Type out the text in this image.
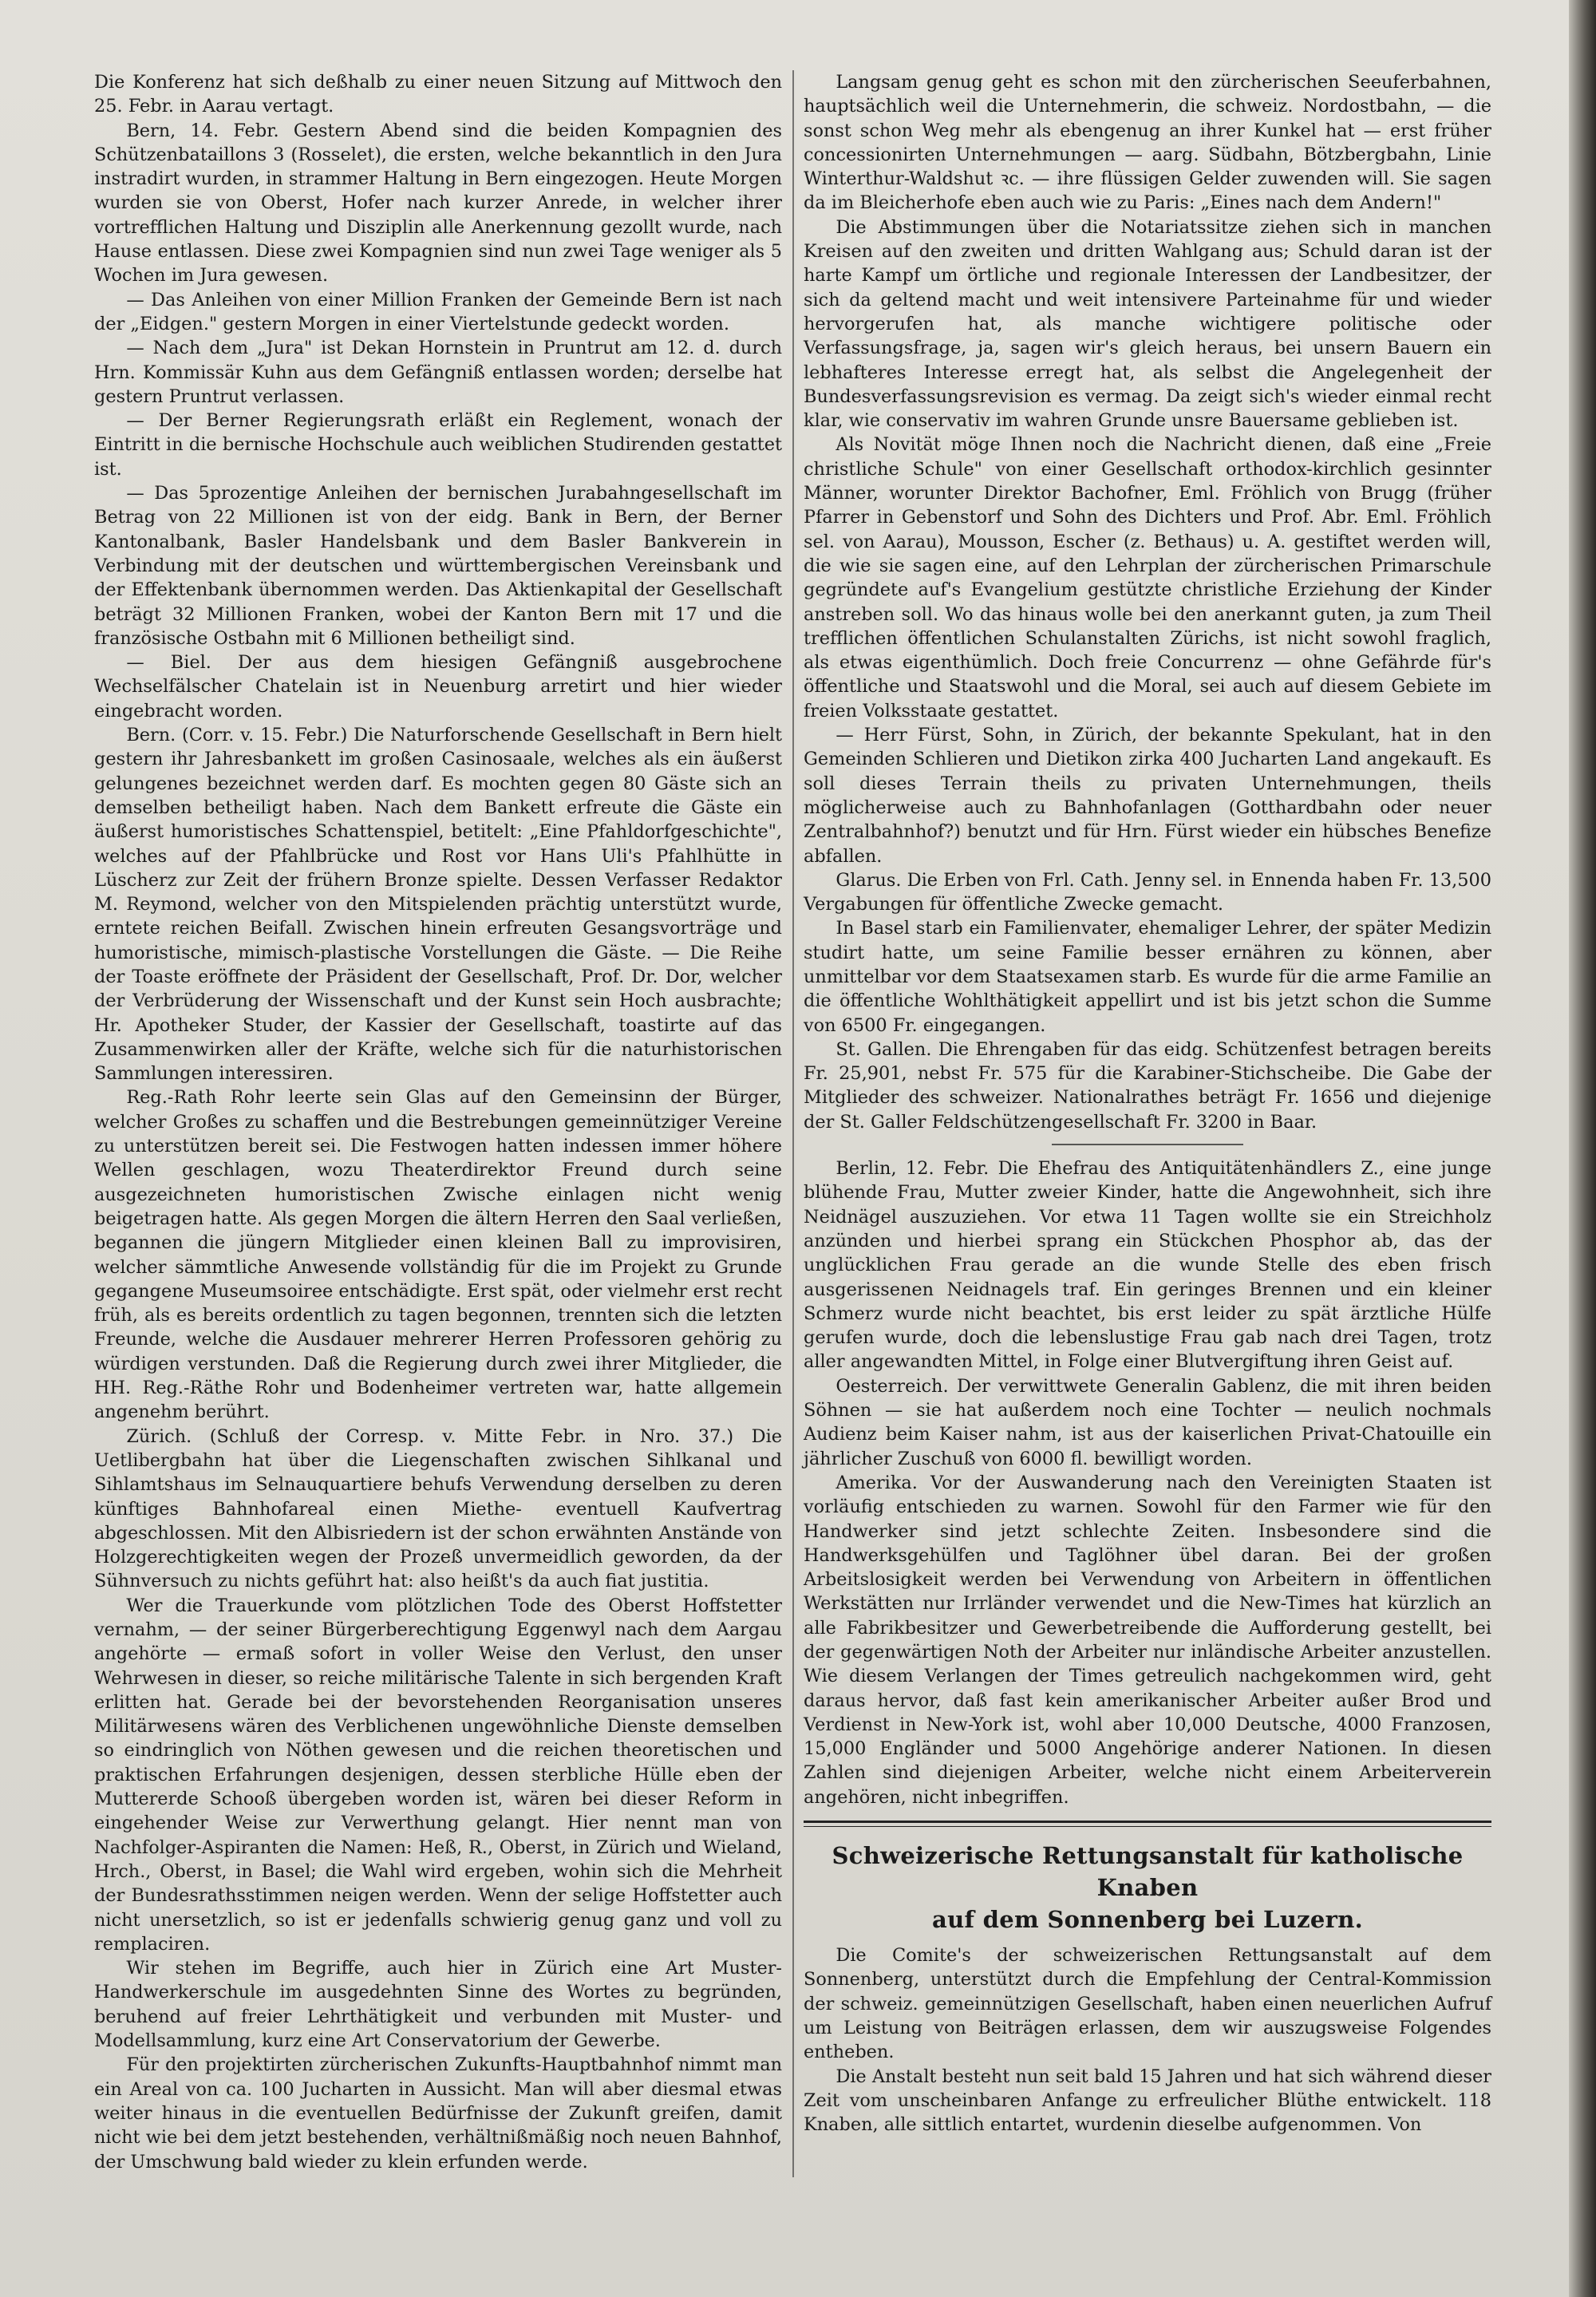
Die Konferenz hat sich deßhalb zu einer neuen Sitzung auf Mittwoch den 25. Febr. in Aarau vertagt.

Bern, 14. Febr. Gestern Abend sind die beiden Kompagnien des Schützenbataillons 3 (Rosselet), die ersten, welche bekanntlich in den Jura instradirt wurden, in strammer Haltung in Bern eingezogen. Heute Morgen wurden sie von Oberst, Hofer nach kurzer Anrede, in welcher ihrer vortrefflichen Haltung und Disziplin alle Anerkennung gezollt wurde, nach Hause entlassen. Diese zwei Kompagnien sind nun zwei Tage weniger als 5 Wochen im Jura gewesen.

— Das Anleihen von einer Million Franken der Gemeinde Bern ist nach der „Eidgen." gestern Morgen in einer Viertelstunde gedeckt worden.

— Nach dem „Jura" ist Dekan Hornstein in Pruntrut am 12. d. durch Hrn. Kommissär Kuhn aus dem Gefängniß entlassen worden; derselbe hat gestern Pruntrut verlassen.

— Der Berner Regierungsrath erläßt ein Reglement, wonach der Eintritt in die bernische Hochschule auch weiblichen Studirenden gestattet ist.

— Das 5prozentige Anleihen der bernischen Jurabahngesellschaft im Betrag von 22 Millionen ist von der eidg. Bank in Bern, der Berner Kantonalbank, Basler Handelsbank und dem Basler Bankverein in Verbindung mit der deutschen und württembergischen Vereinsbank und der Effektenbank übernommen werden. Das Aktienkapital der Gesellschaft beträgt 32 Millionen Franken, wobei der Kanton Bern mit 17 und die französische Ostbahn mit 6 Millionen betheiligt sind.

— Biel. Der aus dem hiesigen Gefängniß ausgebrochene Wechselfälscher Chatelain ist in Neuenburg arretirt und hier wieder eingebracht worden.

Bern. (Corr. v. 15. Febr.) Die Naturforschende Gesellschaft in Bern hielt gestern ihr Jahresbankett im großen Casinosaale, welches als ein äußerst gelungenes bezeichnet werden darf. Es mochten gegen 80 Gäste sich an demselben betheiligt haben. Nach dem Bankett erfreute die Gäste ein äußerst humoristisches Schattenspiel, betitelt: „Eine Pfahldorfgeschichte", welches auf der Pfahlbrücke und Rost vor Hans Uli's Pfahlhütte in Lüscherz zur Zeit der frühern Bronze spielte. Dessen Verfasser Redaktor M. Reymond, welcher von den Mitspielenden prächtig unterstützt wurde, erntete reichen Beifall. Zwischen hinein erfreuten Gesangsvorträge und humoristische, mimisch-plastische Vorstellungen die Gäste. — Die Reihe der Toaste eröffnete der Präsident der Gesellschaft, Prof. Dr. Dor, welcher der Verbrüderung der Wissenschaft und der Kunst sein Hoch ausbrachte; Hr. Apotheker Studer, der Kassier der Gesellschaft, toastirte auf das Zusammenwirken aller der Kräfte, welche sich für die naturhistorischen Sammlungen interessiren.

Reg.-Rath Rohr leerte sein Glas auf den Gemeinsinn der Bürger, welcher Großes zu schaffen und die Bestrebungen gemeinnütziger Vereine zu unterstützen bereit sei. Die Festwogen hatten indessen immer höhere Wellen geschlagen, wozu Theaterdirektor Freund durch seine ausgezeichneten humoristischen Zwische einlagen nicht wenig beigetragen hatte. Als gegen Morgen die ältern Herren den Saal verließen, begannen die jüngern Mitglieder einen kleinen Ball zu improvisiren, welcher sämmtliche Anwesende vollständig für die im Projekt zu Grunde gegangene Museumsoiree entschädigte. Erst spät, oder vielmehr erst recht früh, als es bereits ordentlich zu tagen begonnen, trennten sich die letzten Freunde, welche die Ausdauer mehrerer Herren Professoren gehörig zu würdigen verstunden. Daß die Regierung durch zwei ihrer Mitglieder, die HH. Reg.-Räthe Rohr und Bodenheimer vertreten war, hatte allgemein angenehm berührt.

Zürich. (Schluß der Corresp. v. Mitte Febr. in Nro. 37.) Die Uetlibergbahn hat über die Liegenschaften zwischen Sihlkanal und Sihlamtshaus im Selnauquartiere behufs Verwendung derselben zu deren künftiges Bahnhofareal einen Miethe- eventuell Kaufvertrag abgeschlossen. Mit den Albisriedern ist der schon erwähnten Anstände von Holzgerechtigkeiten wegen der Prozeß unvermeidlich geworden, da der Sühnversuch zu nichts geführt hat: also heißt's da auch fiat justitia.

Wer die Trauerkunde vom plötzlichen Tode des Oberst Hoffstetter vernahm, — der seiner Bürgerberechtigung Eggenwyl nach dem Aargau angehörte — ermaß sofort in voller Weise den Verlust, den unser Wehrwesen in dieser, so reiche militärische Talente in sich bergenden Kraft erlitten hat. Gerade bei der bevorstehenden Reorganisation unseres Militärwesens wären des Verblichenen ungewöhnliche Dienste demselben so eindringlich von Nöthen gewesen und die reichen theoretischen und praktischen Erfahrungen desjenigen, dessen sterbliche Hülle eben der Muttererde Schooß übergeben worden ist, wären bei dieser Reform in eingehender Weise zur Verwerthung gelangt. Hier nennt man von Nachfolger-Aspiranten die Namen: Heß, R., Oberst, in Zürich und Wieland, Hrch., Oberst, in Basel; die Wahl wird ergeben, wohin sich die Mehrheit der Bundesrathsstimmen neigen werden. Wenn der selige Hoffstetter auch nicht unersetzlich, so ist er jedenfalls schwierig genug ganz und voll zu remplaciren.

Wir stehen im Begriffe, auch hier in Zürich eine Art Muster-Handwerkerschule im ausgedehnten Sinne des Wortes zu begründen, beruhend auf freier Lehrthätigkeit und verbunden mit Muster- und Modellsammlung, kurz eine Art Conservatorium der Gewerbe.

Für den projektirten zürcherischen Zukunfts-Hauptbahnhof nimmt man ein Areal von ca. 100 Jucharten in Aussicht. Man will aber diesmal etwas weiter hinaus in die eventuellen Bedürfnisse der Zukunft greifen, damit nicht wie bei dem jetzt bestehenden, verhältnißmäßig noch neuen Bahnhof, der Umschwung bald wieder zu klein erfunden werde.

Langsam genug geht es schon mit den zürcherischen Seeuferbahnen, hauptsächlich weil die Unternehmerin, die schweiz. Nordostbahn, — die sonst schon Weg mehr als ebengenug an ihrer Kunkel hat — erst früher concessionirten Unternehmungen — aarg. Südbahn, Bötzbergbahn, Linie Winterthur-Waldshut ꝛc. — ihre flüssigen Gelder zuwenden will. Sie sagen da im Bleicherhofe eben auch wie zu Paris: „Eines nach dem Andern!"

Die Abstimmungen über die Notariatssitze ziehen sich in manchen Kreisen auf den zweiten und dritten Wahlgang aus; Schuld daran ist der harte Kampf um örtliche und regionale Interessen der Landbesitzer, der sich da geltend macht und weit intensivere Parteinahme für und wieder hervorgerufen hat, als manche wichtigere politische oder Verfassungsfrage, ja, sagen wir's gleich heraus, bei unsern Bauern ein lebhafteres Interesse erregt hat, als selbst die Angelegenheit der Bundesverfassungsrevision es vermag. Da zeigt sich's wieder einmal recht klar, wie conservativ im wahren Grunde unsre Bauersame geblieben ist.

Als Novität möge Ihnen noch die Nachricht dienen, daß eine „Freie christliche Schule" von einer Gesellschaft orthodox-kirchlich gesinnter Männer, worunter Direktor Bachofner, Eml. Fröhlich von Brugg (früher Pfarrer in Gebenstorf und Sohn des Dichters und Prof. Abr. Eml. Fröhlich sel. von Aarau), Mousson, Escher (z. Bethaus) u. A. gestiftet werden will, die wie sie sagen eine, auf den Lehrplan der zürcherischen Primarschule gegründete auf's Evangelium gestützte christliche Erziehung der Kinder anstreben soll. Wo das hinaus wolle bei den anerkannt guten, ja zum Theil trefflichen öffentlichen Schulanstalten Zürichs, ist nicht sowohl fraglich, als etwas eigenthümlich. Doch freie Concurrenz — ohne Gefährde für's öffentliche und Staatswohl und die Moral, sei auch auf diesem Gebiete im freien Volksstaate gestattet.

— Herr Fürst, Sohn, in Zürich, der bekannte Spekulant, hat in den Gemeinden Schlieren und Dietikon zirka 400 Jucharten Land angekauft. Es soll dieses Terrain theils zu privaten Unternehmungen, theils möglicherweise auch zu Bahnhofanlagen (Gotthardbahn oder neuer Zentralbahnhof?) benutzt und für Hrn. Fürst wieder ein hübsches Benefize abfallen.

Glarus. Die Erben von Frl. Cath. Jenny sel. in Ennenda haben Fr. 13,500 Vergabungen für öffentliche Zwecke gemacht.

In Basel starb ein Familienvater, ehemaliger Lehrer, der später Medizin studirt hatte, um seine Familie besser ernähren zu können, aber unmittelbar vor dem Staatsexamen starb. Es wurde für die arme Familie an die öffentliche Wohlthätigkeit appellirt und ist bis jetzt schon die Summe von 6500 Fr. eingegangen.

St. Gallen. Die Ehrengaben für das eidg. Schützenfest betragen bereits Fr. 25,901, nebst Fr. 575 für die Karabiner-Stichscheibe. Die Gabe der Mitglieder des schweizer. Nationalrathes beträgt Fr. 1656 und diejenige der St. Galler Feldschützengesellschaft Fr. 3200 in Baar.

Berlin, 12. Febr. Die Ehefrau des Antiquitätenhändlers Z., eine junge blühende Frau, Mutter zweier Kinder, hatte die Angewohnheit, sich ihre Neidnägel auszuziehen. Vor etwa 11 Tagen wollte sie ein Streichholz anzünden und hierbei sprang ein Stückchen Phosphor ab, das der unglücklichen Frau gerade an die wunde Stelle des eben frisch ausgerissenen Neidnagels traf. Ein geringes Brennen und ein kleiner Schmerz wurde nicht beachtet, bis erst leider zu spät ärztliche Hülfe gerufen wurde, doch die lebenslustige Frau gab nach drei Tagen, trotz aller angewandten Mittel, in Folge einer Blutvergiftung ihren Geist auf.

Oesterreich. Der verwittwete Generalin Gablenz, die mit ihren beiden Söhnen — sie hat außerdem noch eine Tochter — neulich nochmals Audienz beim Kaiser nahm, ist aus der kaiserlichen Privat-Chatouille ein jährlicher Zuschuß von 6000 fl. bewilligt worden.

Amerika. Vor der Auswanderung nach den Vereinigten Staaten ist vorläufig entschieden zu warnen. Sowohl für den Farmer wie für den Handwerker sind jetzt schlechte Zeiten. Insbesondere sind die Handwerksgehülfen und Taglöhner übel daran. Bei der großen Arbeitslosigkeit werden bei Verwendung von Arbeitern in öffentlichen Werkstätten nur Irrländer verwendet und die New-Times hat kürzlich an alle Fabrikbesitzer und Gewerbetreibende die Aufforderung gestellt, bei der gegenwärtigen Noth der Arbeiter nur inländische Arbeiter anzustellen. Wie diesem Verlangen der Times getreulich nachgekommen wird, geht daraus hervor, daß fast kein amerikanischer Arbeiter außer Brod und Verdienst in New-York ist, wohl aber 10,000 Deutsche, 4000 Franzosen, 15,000 Engländer und 5000 Angehörige anderer Nationen. In diesen Zahlen sind diejenigen Arbeiter, welche nicht einem Arbeiterverein angehören, nicht inbegriffen.

Schweizerische Rettungsanstalt für katholische Knaben
auf dem Sonnenberg bei Luzern.

Die Comite's der schweizerischen Rettungsanstalt auf dem Sonnenberg, unterstützt durch die Empfehlung der Central-Kommission der schweiz. gemeinnützigen Gesellschaft, haben einen neuerlichen Aufruf um Leistung von Beiträgen erlassen, dem wir auszugsweise Folgendes entheben.

Die Anstalt besteht nun seit bald 15 Jahren und hat sich während dieser Zeit vom unscheinbaren Anfange zu erfreulicher Blüthe entwickelt. 118 Knaben, alle sittlich entartet, wurdenin dieselbe aufgenommen. Von
